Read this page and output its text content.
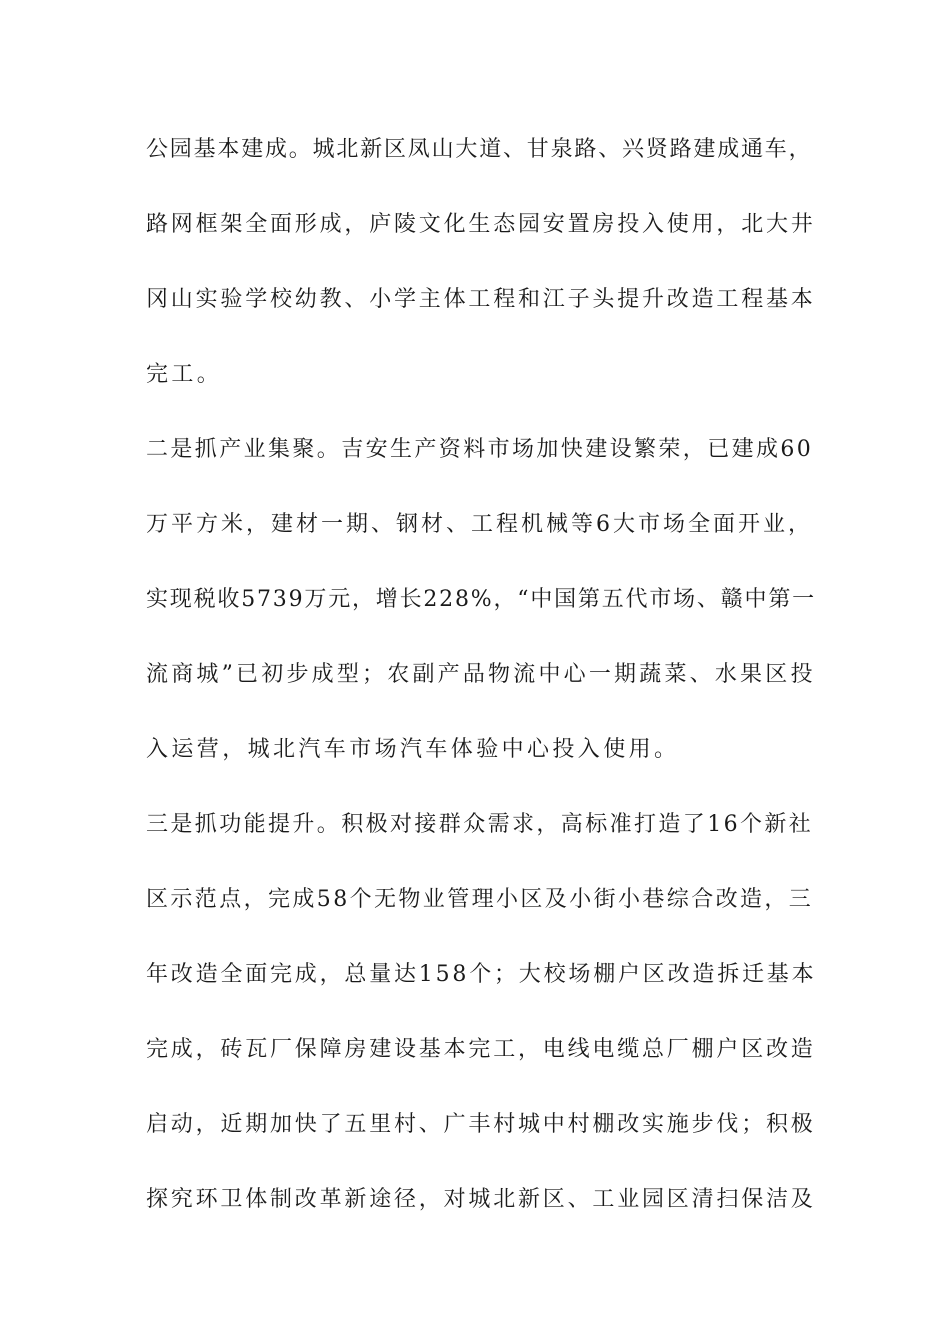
公园基本建成。城北新区凤山大道、甘泉路、兴贤路建成通车，
路网框架全面形成，庐陵文化生态园安置房投入使用，北大井
冈山实验学校幼教、小学主体工程和江子头提升改造工程基本
完工。
二是抓产业集聚。吉安生产资料市场加快建设繁荣，已建成60
万平方米，建材一期、钢材、工程机械等6大市场全面开业，
实现税收5739万元，增长228%，“中国第五代市场、赣中第一
流商城”已初步成型；农副产品物流中心一期蔬菜、水果区投
入运营，城北汽车市场汽车体验中心投入使用。
三是抓功能提升。积极对接群众需求，高标准打造了16个新社
区示范点，完成58个无物业管理小区及小街小巷综合改造，三
年改造全面完成，总量达158个；大校场棚户区改造拆迁基本
完成，砖瓦厂保障房建设基本完工，电线电缆总厂棚户区改造
启动，近期加快了五里村、广丰村城中村棚改实施步伐；积极
探究环卫体制改革新途径，对城北新区、工业园区清扫保洁及
